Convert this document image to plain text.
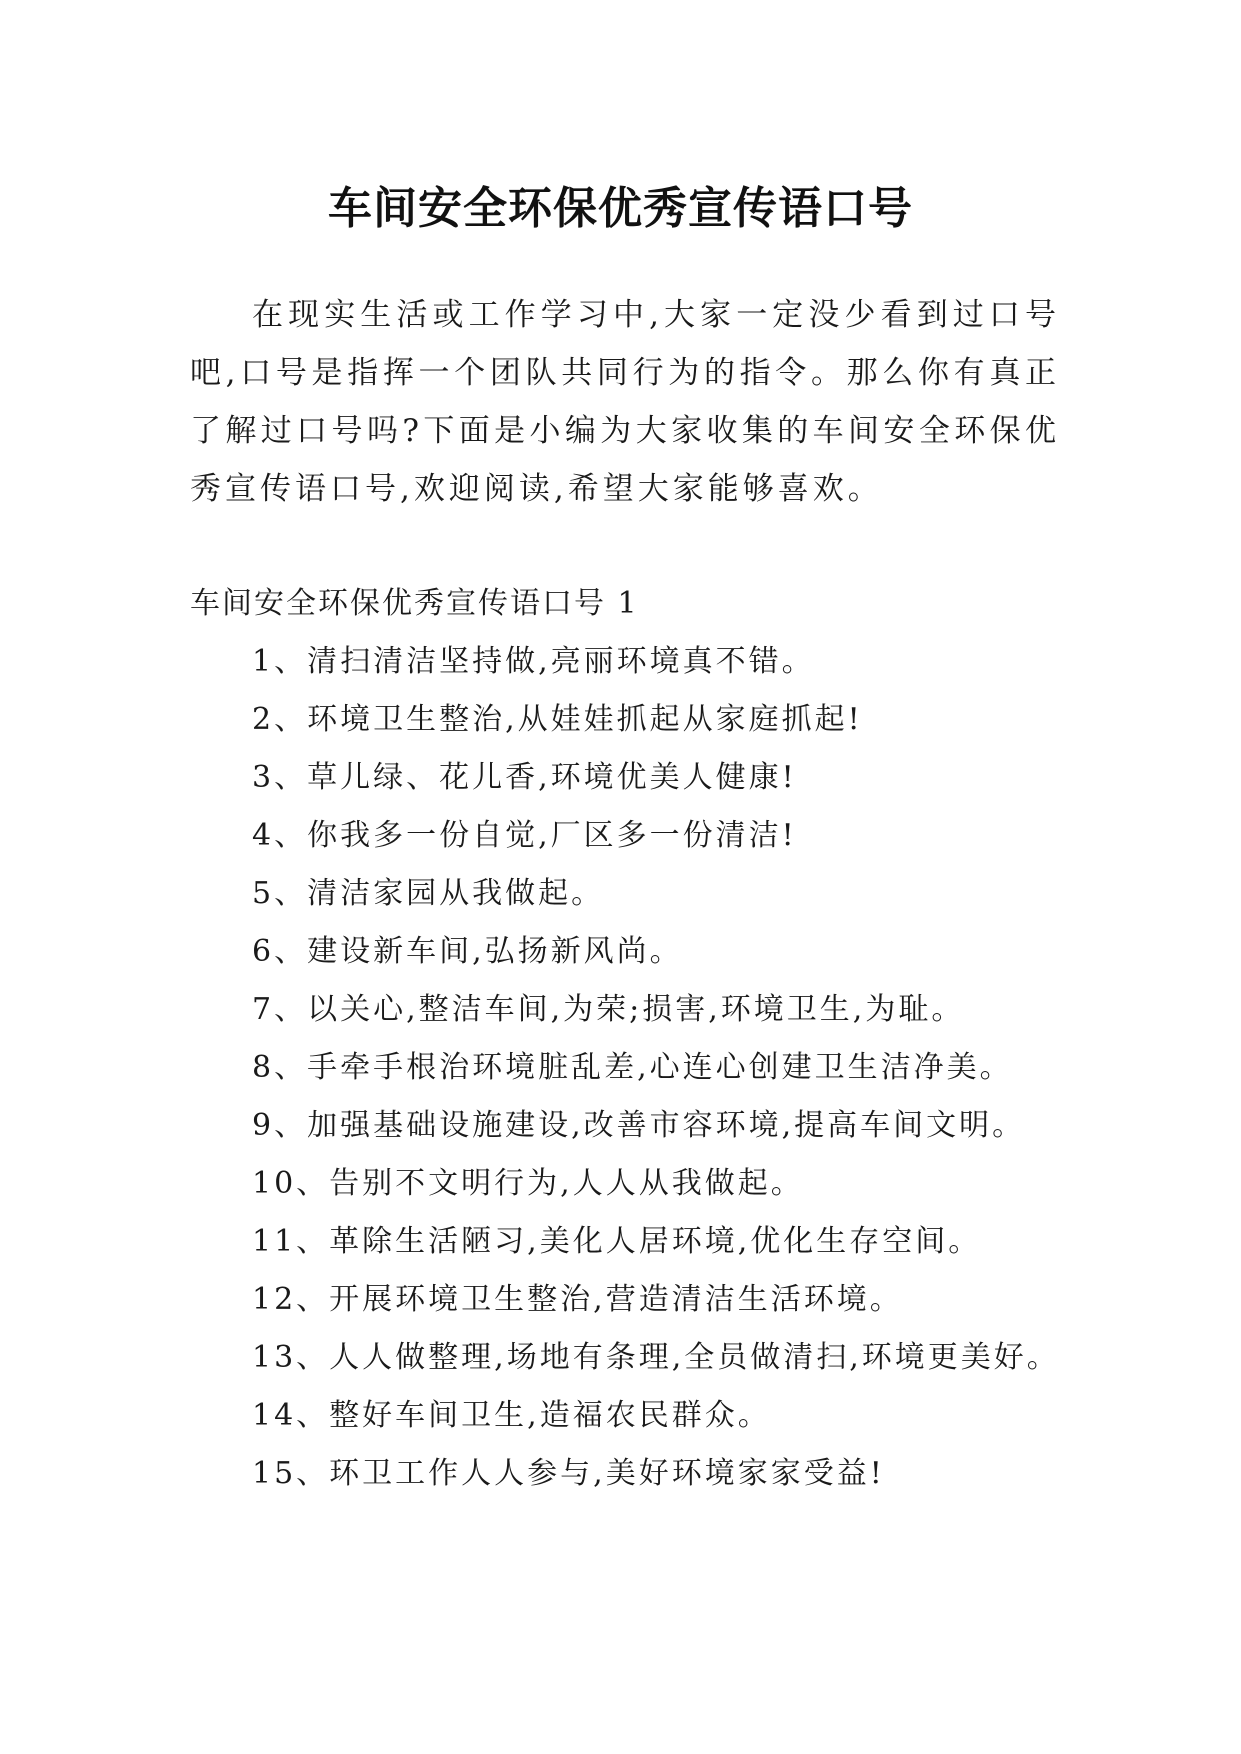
车间安全环保优秀宣传语口号

在现实生活或工作学习中,大家一定没少看到过口号吧,口号是指挥一个团队共同行为的指令。那么你有真正了解过口号吗?下面是小编为大家收集的车间安全环保优秀宣传语口号,欢迎阅读,希望大家能够喜欢。

车间安全环保优秀宣传语口号 1

1、清扫清洁坚持做,亮丽环境真不错。
2、环境卫生整治,从娃娃抓起从家庭抓起!
3、草儿绿、花儿香,环境优美人健康!
4、你我多一份自觉,厂区多一份清洁!
5、清洁家园从我做起。
6、建设新车间,弘扬新风尚。
7、以关心,整洁车间,为荣;损害,环境卫生,为耻。
8、手牵手根治环境脏乱差,心连心创建卫生洁净美。
9、加强基础设施建设,改善市容环境,提高车间文明。
10、告别不文明行为,人人从我做起。
11、革除生活陋习,美化人居环境,优化生存空间。
12、开展环境卫生整治,营造清洁生活环境。
13、人人做整理,场地有条理,全员做清扫,环境更美好。
14、整好车间卫生,造福农民群众。
15、环卫工作人人参与,美好环境家家受益!
